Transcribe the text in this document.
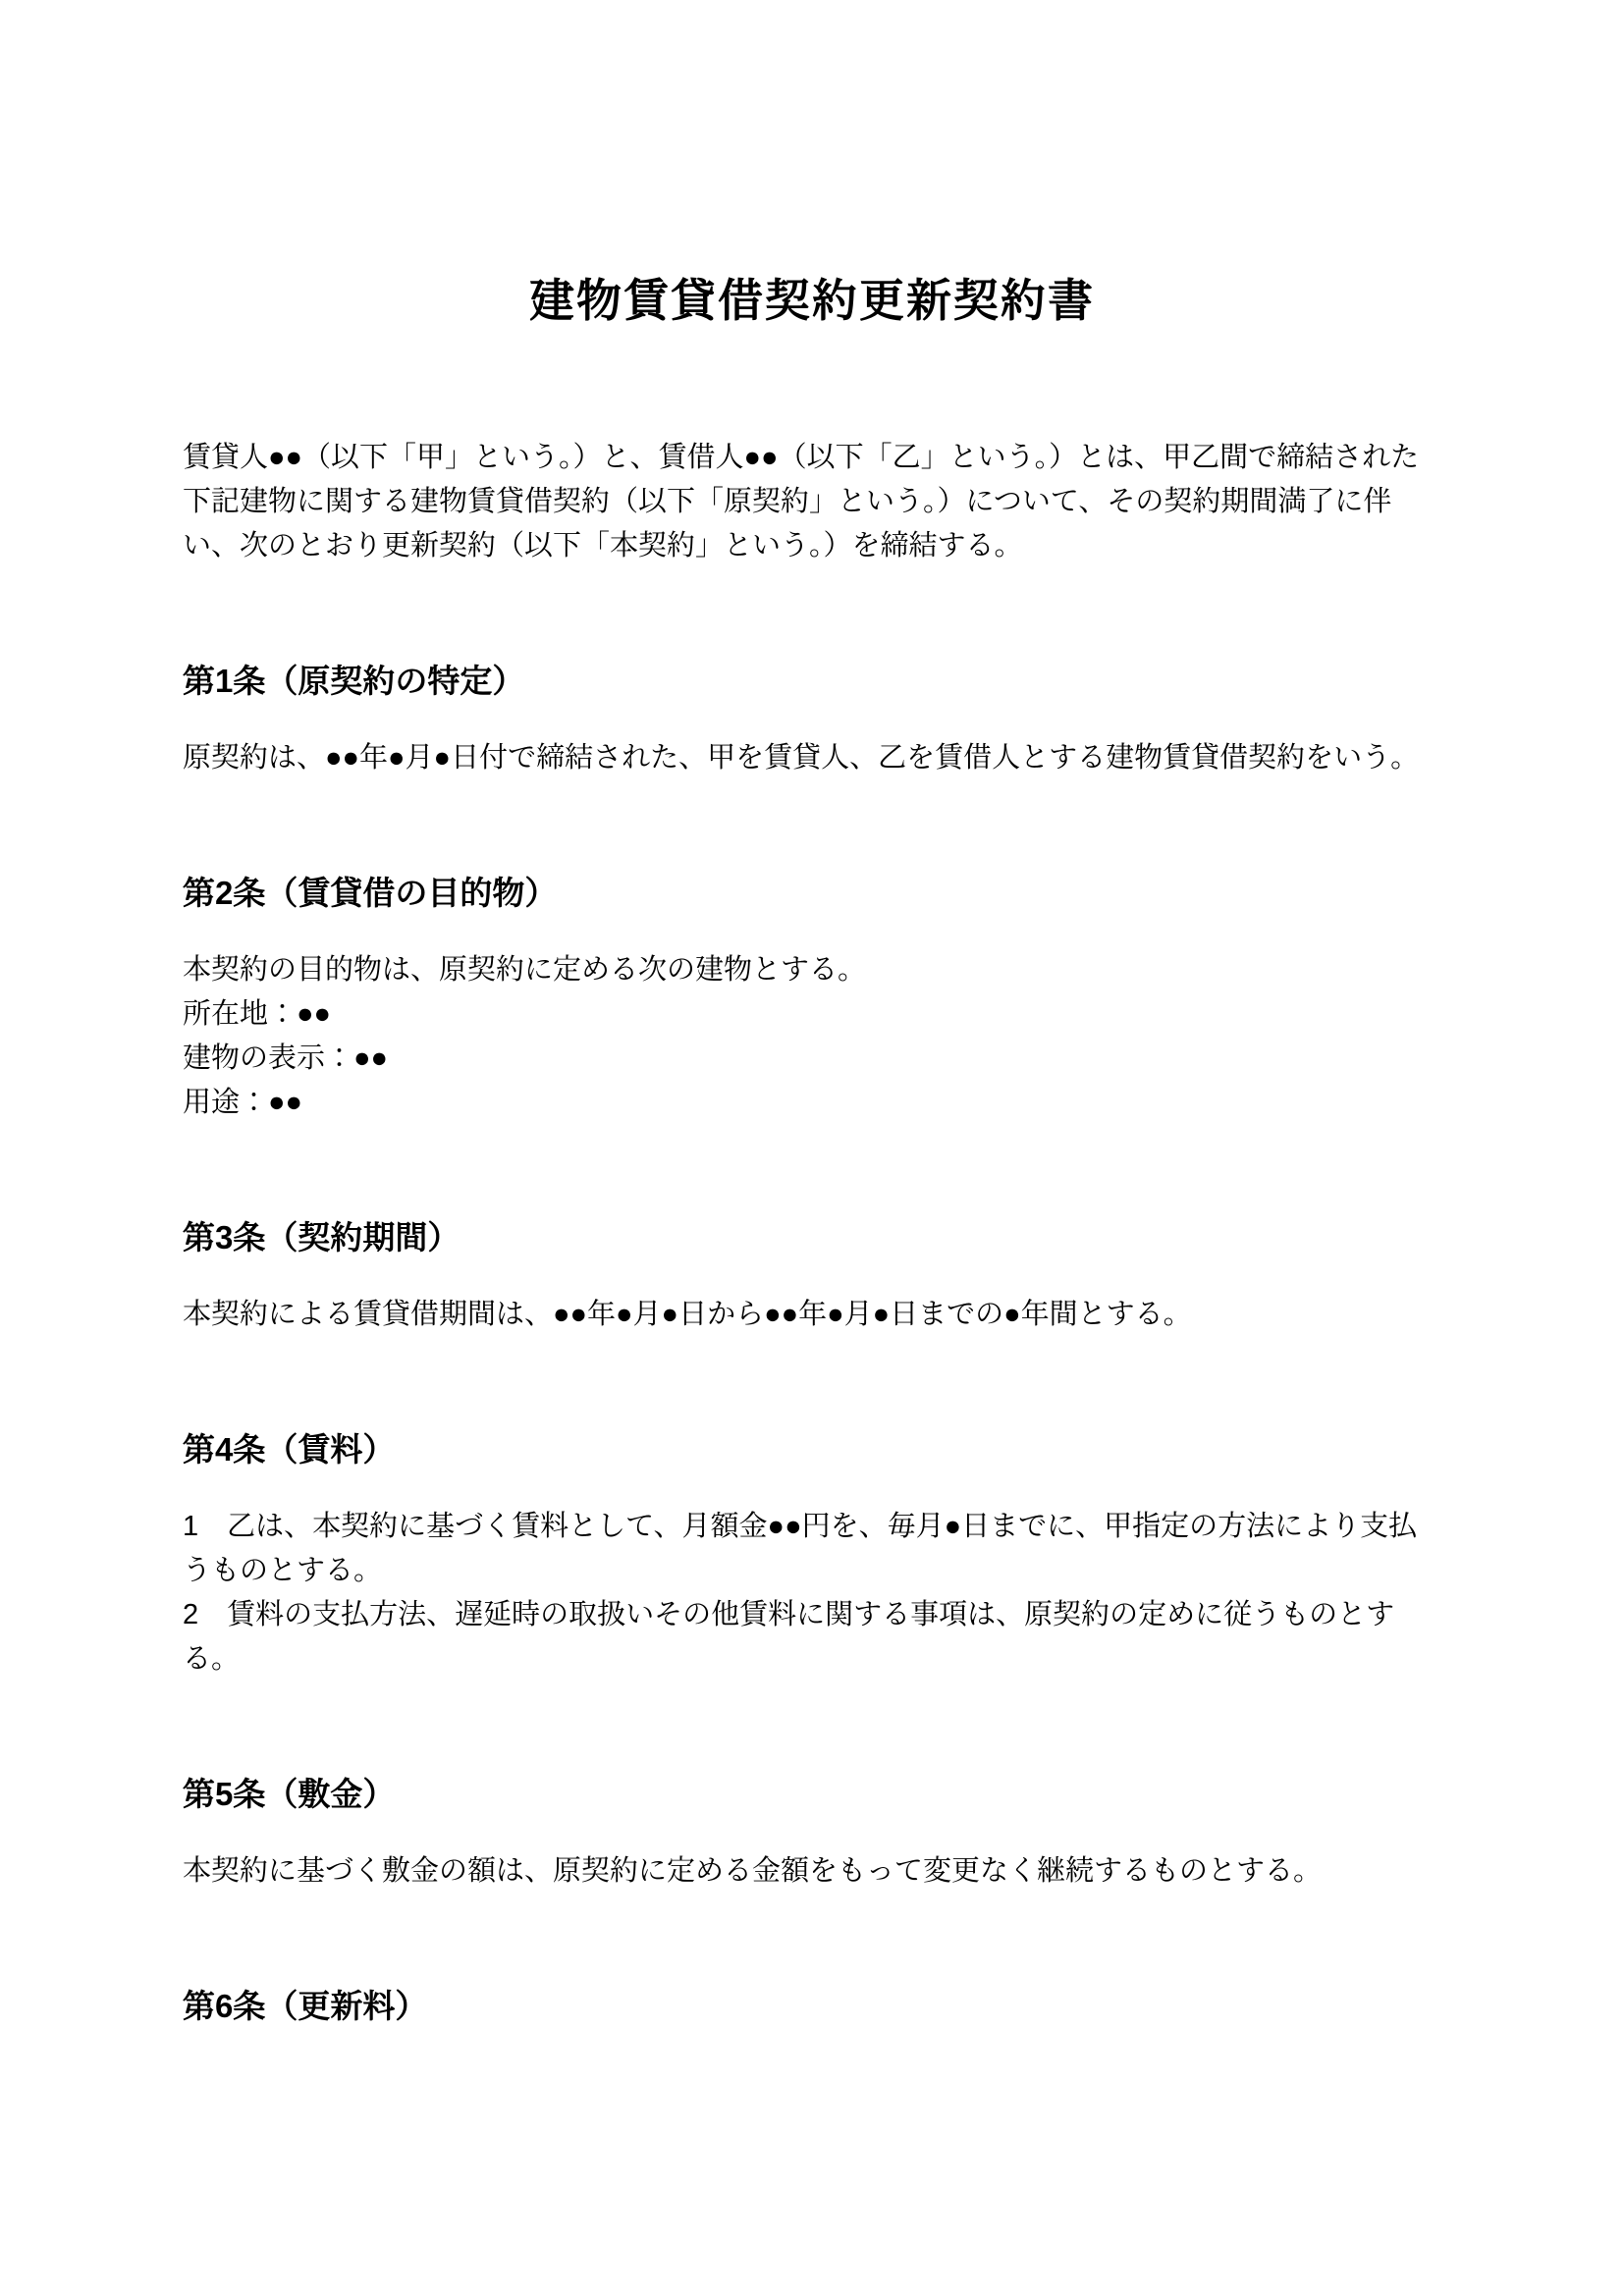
建物賃貸借契約更新契約書
賃貸人●●（以下「甲」という。）と、賃借人●●（以下「乙」という。）とは、甲乙間で締結された下記建物に関する建物賃貸借契約（以下「原契約」という。）について、その契約期間満了に伴い、次のとおり更新契約（以下「本契約」という。）を締結する。
第1条（原契約の特定）

原契約は、●●年●月●日付で締結された、甲を賃貸人、乙を賃借人とする建物賃貸借契約をいう。

第2条（賃貸借の目的物）

本契約の目的物は、原契約に定める次の建物とする。

所在地：●●

建物の表示：●●

用途：●●

第3条（契約期間）

本契約による賃貸借期間は、●●年●月●日から●●年●月●日までの●年間とする。

第4条（賃料）

1　乙は、本契約に基づく賃料として、月額金●●円を、毎月●日までに、甲指定の方法により支払うものとする。

2　賃料の支払方法、遅延時の取扱いその他賃料に関する事項は、原契約の定めに従うものとする。

第5条（敷金）

本契約に基づく敷金の額は、原契約に定める金額をもって変更なく継続するものとする。

第6条（更新料）
